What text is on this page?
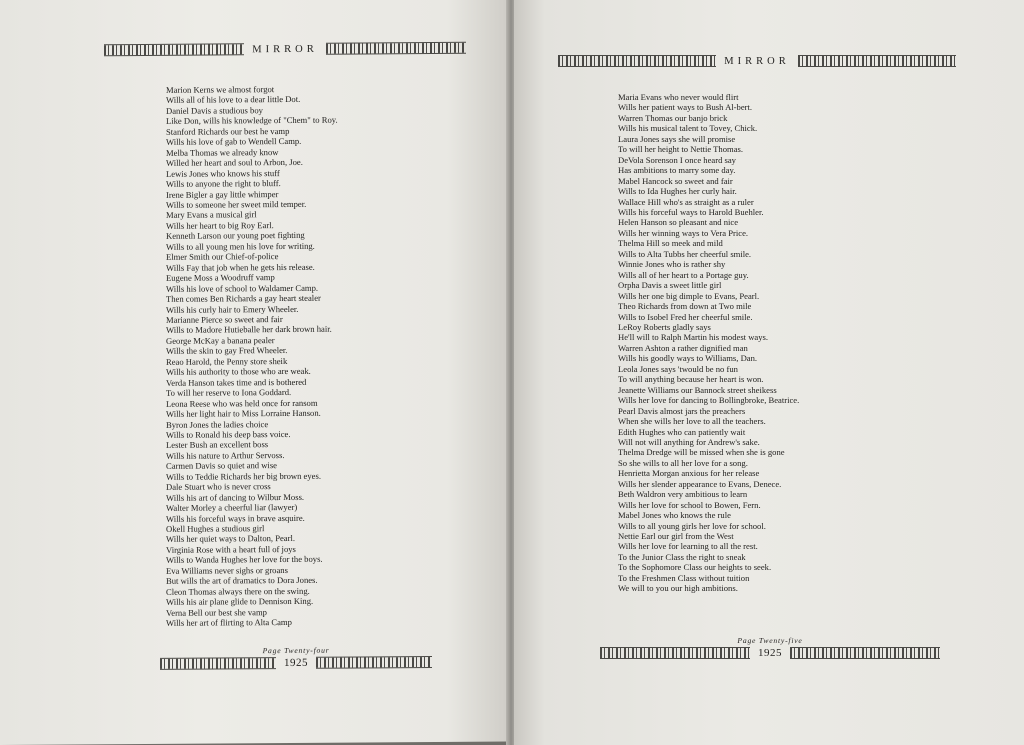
MIRROR
Marion Kerns we almost forgot
Wills all of his love to a dear little Dot.
Daniel Davis a studious boy
Like Don, wills his knowledge of "Chem" to Roy.
Stanford Richards our best he vamp
Wills his love of gab to Wendell Camp.
Melba Thomas we already know
Willed her heart and soul to Arbon, Joe.
Lewis Jones who knows his stuff
Wills to anyone the right to bluff.
Irene Bigler a gay little whimper
Wills to someone her sweet mild temper.
Mary Evans a musical girl
Wills her heart to big Roy Earl.
Kenneth Larson our young poet fighting
Wills to all young men his love for writing.
Elmer Smith our Chief-of-police
Wills Fay that job when he gets his release.
Eugene Moss a Woodruff vamp
Wills his love of school to Waldamer Camp.
Then comes Ben Richards a gay heart stealer
Wills his curly hair to Emery Wheeler.
Marianne Pierce so sweet and fair
Wills to Madore Hutieballe her dark brown hair.
George McKay a banana pealer
Wills the skin to gay Fred Wheeler.
Reao Harold, the Penny store sheik
Wills his authority to those who are weak.
Verda Hanson takes time and is bothered
To will her reserve to Iona Goddard.
Leona Reese who was held once for ransom
Wills her light hair to Miss Lorraine Hanson.
Byron Jones the ladies choice
Wills to Ronald his deep bass voice.
Lester Bush an excellent boss
Wills his nature to Arthur Servoss.
Carmen Davis so quiet and wise
Wills to Teddie Richards her big brown eyes.
Dale Stuart who is never cross
Wills his art of dancing to Wilbur Moss.
Walter Morley a cheerful liar (lawyer)
Wills his forceful ways in brave asquire.
Okell Hughes a studious girl
Wills her quiet ways to Dalton, Pearl.
Virginia Rose with a heart full of joys
Wills to Wanda Hughes her love for the boys.
Eva Williams never sighs or groans
But wills the art of dramatics to Dora Jones.
Cleon Thomas always there on the swing.
Wills his air plane glide to Dennison King.
Verna Bell our best she vamp
Wills her art of flirting to Alta Camp
Page Twenty-four
1925
MIRROR
Maria Evans who never would flirt
Wills her patient ways to Bush Al-bert.
Warren Thomas our banjo brick
Wills his musical talent to Tovey, Chick.
Laura Jones says she will promise
To will her height to Nettie Thomas.
DeVola Sorenson I once heard say
Has ambitions to marry some day.
Mabel Hancock so sweet and fair
Wills to Ida Hughes her curly hair.
Wallace Hill who's as straight as a ruler
Wills his forceful ways to Harold Buehler.
Helen Hanson so pleasant and nice
Wills her winning ways to Vera Price.
Thelma Hill so meek and mild
Wills to Alta Tubbs her cheerful smile.
Winnie Jones who is rather shy
Wills all of her heart to a Portage guy.
Orpha Davis a sweet little girl
Wills her one big dimple to Evans, Pearl.
Theo Richards from down at Two mile
Wills to Isobel Fred her cheerful smile.
LeRoy Roberts gladly says
He'll will to Ralph Martin his modest ways.
Warren Ashton a rather dignified man
Wills his goodly ways to Williams, Dan.
Leola Jones says 'twould be no fun
To will anything because her heart is won.
Jeanette Williams our Bannock street sheikess
Wills her love for dancing to Bollingbroke, Beatrice.
Pearl Davis almost jars the preachers
When she wills her love to all the teachers.
Edith Hughes who can patiently wait
Will not will anything for Andrew's sake.
Thelma Dredge will be missed when she is gone
So she wills to all her love for a song.
Henrietta Morgan anxious for her release
Wills her slender appearance to Evans, Denece.
Beth Waldron very ambitious to learn
Wills her love for school to Bowen, Fern.
Mabel Jones who knows the rule
Wills to all young girls her love for school.
Nettie Earl our girl from the West
Wills her love for learning to all the rest.
To the Junior Class the right to sneak
To the Sophomore Class our heights to seek.
To the Freshmen Class without tuition
We will to you our high ambitions.
Page Twenty-five
1925
